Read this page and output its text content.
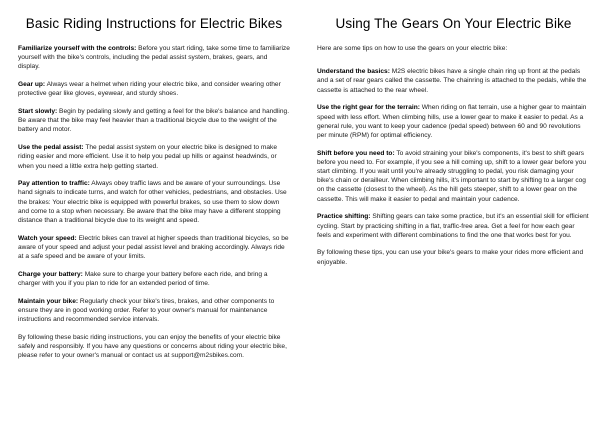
Basic Riding Instructions for Electric Bikes

Familiarize yourself with the controls: Before you start riding, take some time to familiarize yourself with the bike's controls, including the pedal assist system, brakes, gears, and display.

Gear up: Always wear a helmet when riding your electric bike, and consider wearing other protective gear like gloves, eyewear, and sturdy shoes.

Start slowly: Begin by pedaling slowly and getting a feel for the bike's balance and handling. Be aware that the bike may feel heavier than a traditional bicycle due to the weight of the battery and motor.

Use the pedal assist: The pedal assist system on your electric bike is designed to make riding easier and more efficient. Use it to help you pedal up hills or against headwinds, or when you need a little extra help getting started.

Pay attention to traffic: Always obey traffic laws and be aware of your surroundings. Use hand signals to indicate turns, and watch for other vehicles, pedestrians, and obstacles. Use the brakes: Your electric bike is equipped with powerful brakes, so use them to slow down and come to a stop when necessary. Be aware that the bike may have a different stopping distance than a traditional bicycle due to its weight and speed.

Watch your speed: Electric bikes can travel at higher speeds than traditional bicycles, so be aware of your speed and adjust your pedal assist level and braking accordingly. Always ride at a safe speed and be aware of your limits.

Charge your battery: Make sure to charge your battery before each ride, and bring a charger with you if you plan to ride for an extended period of time.

Maintain your bike: Regularly check your bike's tires, brakes, and other components to ensure they are in good working order. Refer to your owner's manual for maintenance instructions and recommended service intervals.

By following these basic riding instructions, you can enjoy the benefits of your electric bike safely and responsibly. If you have any questions or concerns about riding your electric bike, please refer to your owner's manual or contact us at support@m2sbikes.com.

Using The Gears On Your Electric Bike

Here are some tips on how to use the gears on your electric bike:

Understand the basics: M2S electric bikes have a single chain ring up front at the pedals and a set of rear gears called the cassette. The chainring is attached to the pedals, while the cassette is attached to the rear wheel.

Use the right gear for the terrain: When riding on flat terrain, use a higher gear to maintain speed with less effort. When climbing hills, use a lower gear to make it easier to pedal. As a general rule, you want to keep your cadence (pedal speed) between 60 and 90 revolutions per minute (RPM) for optimal efficiency.

Shift before you need to: To avoid straining your bike's components, it's best to shift gears before you need to. For example, if you see a hill coming up, shift to a lower gear before you start climbing. If you wait until you're already struggling to pedal, you risk damaging your bike's chain or derailleur. When climbing hills, it's important to start by shifting to a larger cog on the cassette (closest to the wheel). As the hill gets steeper, shift to a lower gear on the cassette. This will make it easier to pedal and maintain your cadence.

Practice shifting: Shifting gears can take some practice, but it's an essential skill for efficient cycling. Start by practicing shifting in a flat, traffic-free area. Get a feel for how each gear feels and experiment with different combinations to find the one that works best for you.

By following these tips, you can use your bike's gears to make your rides more efficient and enjoyable.
